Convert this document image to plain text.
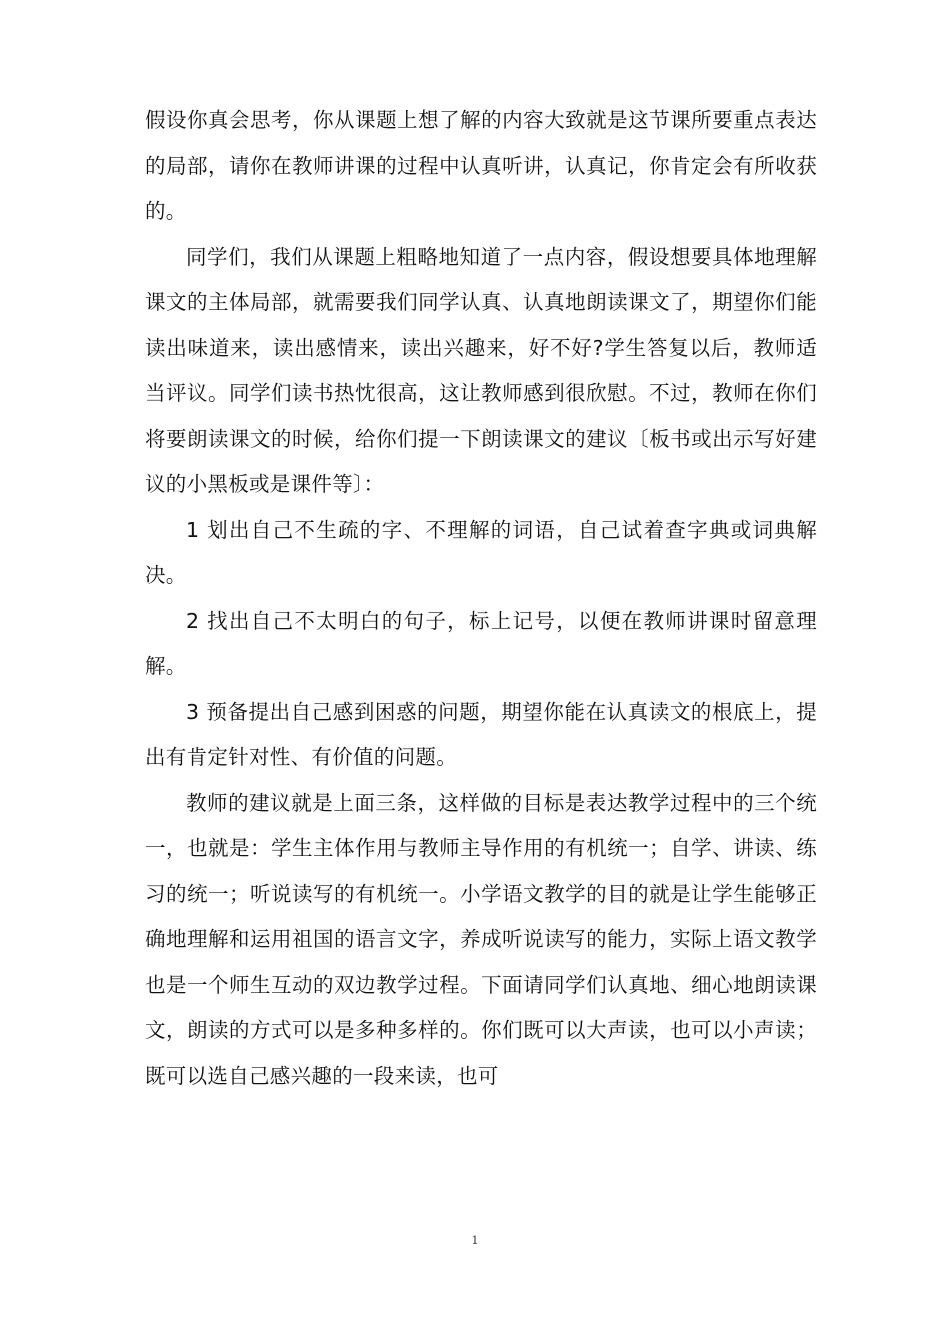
假设你真会思考，你从课题上想了解的内容大致就是这节课所要重点表达的局部，请你在教师讲课的过程中认真听讲，认真记，你肯定会有所收获的。

同学们，我们从课题上粗略地知道了一点内容，假设想要具体地理解课文的主体局部，就需要我们同学认真、认真地朗读课文了，期望你们能读出味道来，读出感情来，读出兴趣来，好不好?学生答复以后，教师适当评议。同学们读书热忱很高，这让教师感到很欣慰。不过，教师在你们将要朗读课文的时候，给你们提一下朗读课文的建议〔板书或出示写好建议的小黑板或是课件等〕：

1 划出自己不生疏的字、不理解的词语，自己试着查字典或词典解决。

2 找出自己不太明白的句子，标上记号，以便在教师讲课时留意理解。

3 预备提出自己感到困惑的问题，期望你能在认真读文的根底上，提出有肯定针对性、有价值的问题。

教师的建议就是上面三条，这样做的目标是表达教学过程中的三个统一，也就是：学生主体作用与教师主导作用的有机统一；自学、讲读、练习的统一；听说读写的有机统一。小学语文教学的目的就是让学生能够正确地理解和运用祖国的语言文字，养成听说读写的能力，实际上语文教学也是一个师生互动的双边教学过程。下面请同学们认真地、细心地朗读课文，朗读的方式可以是多种多样的。你们既可以大声读，也可以小声读；既可以选自己感兴趣的一段来读，也可

1
